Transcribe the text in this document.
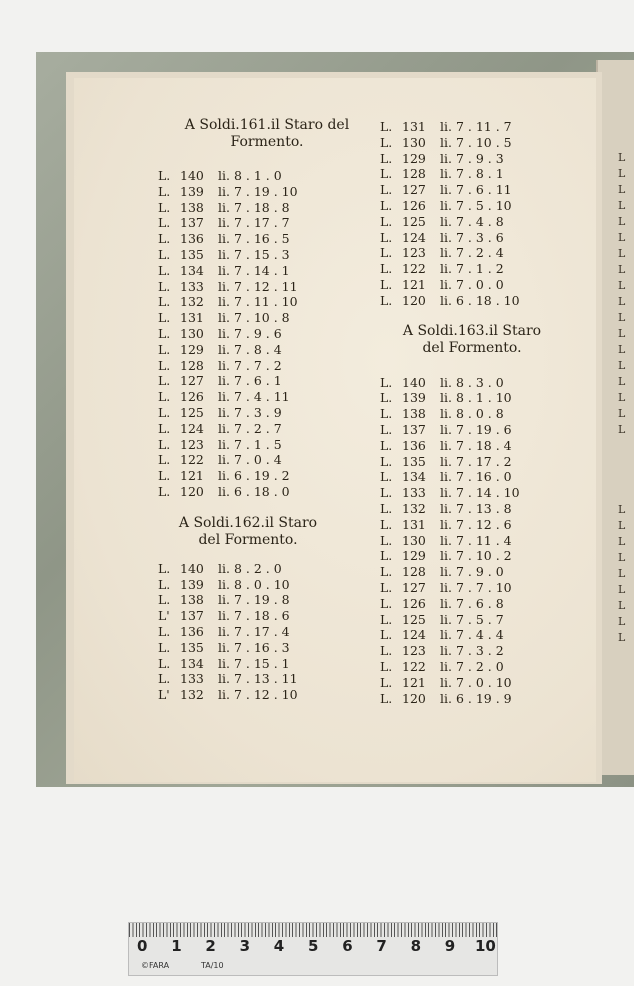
A Soldi.161.il Staro del Formento.
L. 140 li. 8 . 1 . 0
L. 139 li. 7 . 19 . 10
L. 138 li. 7 . 18 . 8
L. 137 li. 7 . 17 . 7
L. 136 li. 7 . 16 . 5
L. 135 li. 7 . 15 . 3
L. 134 li. 7 . 14 . 1
L. 133 li. 7 . 12 . 11
L. 132 li. 7 . 11 . 10
L. 131 li. 7 . 10 . 8
L. 130 li. 7 . 9 . 6
L. 129 li. 7 . 8 . 4
L. 128 li. 7 . 7 . 2
L. 127 li. 7 . 6 . 1
L. 126 li. 7 . 4 . 11
L. 125 li. 7 . 3 . 9
L. 124 li. 7 . 2 . 7
L. 123 li. 7 . 1 . 5
L. 122 li. 7 . 0 . 4
L. 121 li. 6 . 19 . 2
L. 120 li. 6 . 18 . 0
A Soldi.162.il Staro del Formento.
L. 140 li. 8 . 2 . 0
L. 139 li. 8 . 0 . 10
L. 138 li. 7 . 19 . 8
L' 137 li. 7 . 18 . 6
L. 136 li. 7 . 17 . 4
L. 135 li. 7 . 16 . 3
L. 134 li. 7 . 15 . 1
L. 133 li. 7 . 13 . 11
L' 132 li. 7 . 12 . 10
L. 131 li. 7 . 11 . 7
L. 130 li. 7 . 10 . 5
L. 129 li. 7 . 9 . 3
L. 128 li. 7 . 8 . 1
L. 127 li. 7 . 6 . 11
L. 126 li. 7 . 5 . 10
L. 125 li. 7 . 4 . 8
L. 124 li. 7 . 3 . 6
L. 123 li. 7 . 2 . 4
L. 122 li. 7 . 1 . 2
L. 121 li. 7 . 0 . 0
L. 120 li. 6 . 18 . 10
A Soldi.163.il Staro del Formento.
L. 140 li. 8 . 3 . 0
L. 139 li. 8 . 1 . 10
L. 138 li. 8 . 0 . 8
L. 137 li. 7 . 19 . 6
L. 136 li. 7 . 18 . 4
L. 135 li. 7 . 17 . 2
L. 134 li. 7 . 16 . 0
L. 133 li. 7 . 14 . 10
L. 132 li. 7 . 13 . 8
L. 131 li. 7 . 12 . 6
L. 130 li. 7 . 11 . 4
L. 129 li. 7 . 10 . 2
L. 128 li. 7 . 9 . 0
L. 127 li. 7 . 7 . 10
L. 126 li. 7 . 6 . 8
L. 125 li. 7 . 5 . 7
L. 124 li. 7 . 4 . 4
L. 123 li. 7 . 3 . 2
L. 122 li. 7 . 2 . 0
L. 121 li. 7 . 0 . 10
L. 120 li. 6 . 19 . 9
L
L
L
L
L
L
L
L
L
L
L
L
L
L
L
L
L
L

L
L
L
L
L
L
L
L
L
0 1 2 3 4 5 6 7 8 9 10
©FARA	TA/10
